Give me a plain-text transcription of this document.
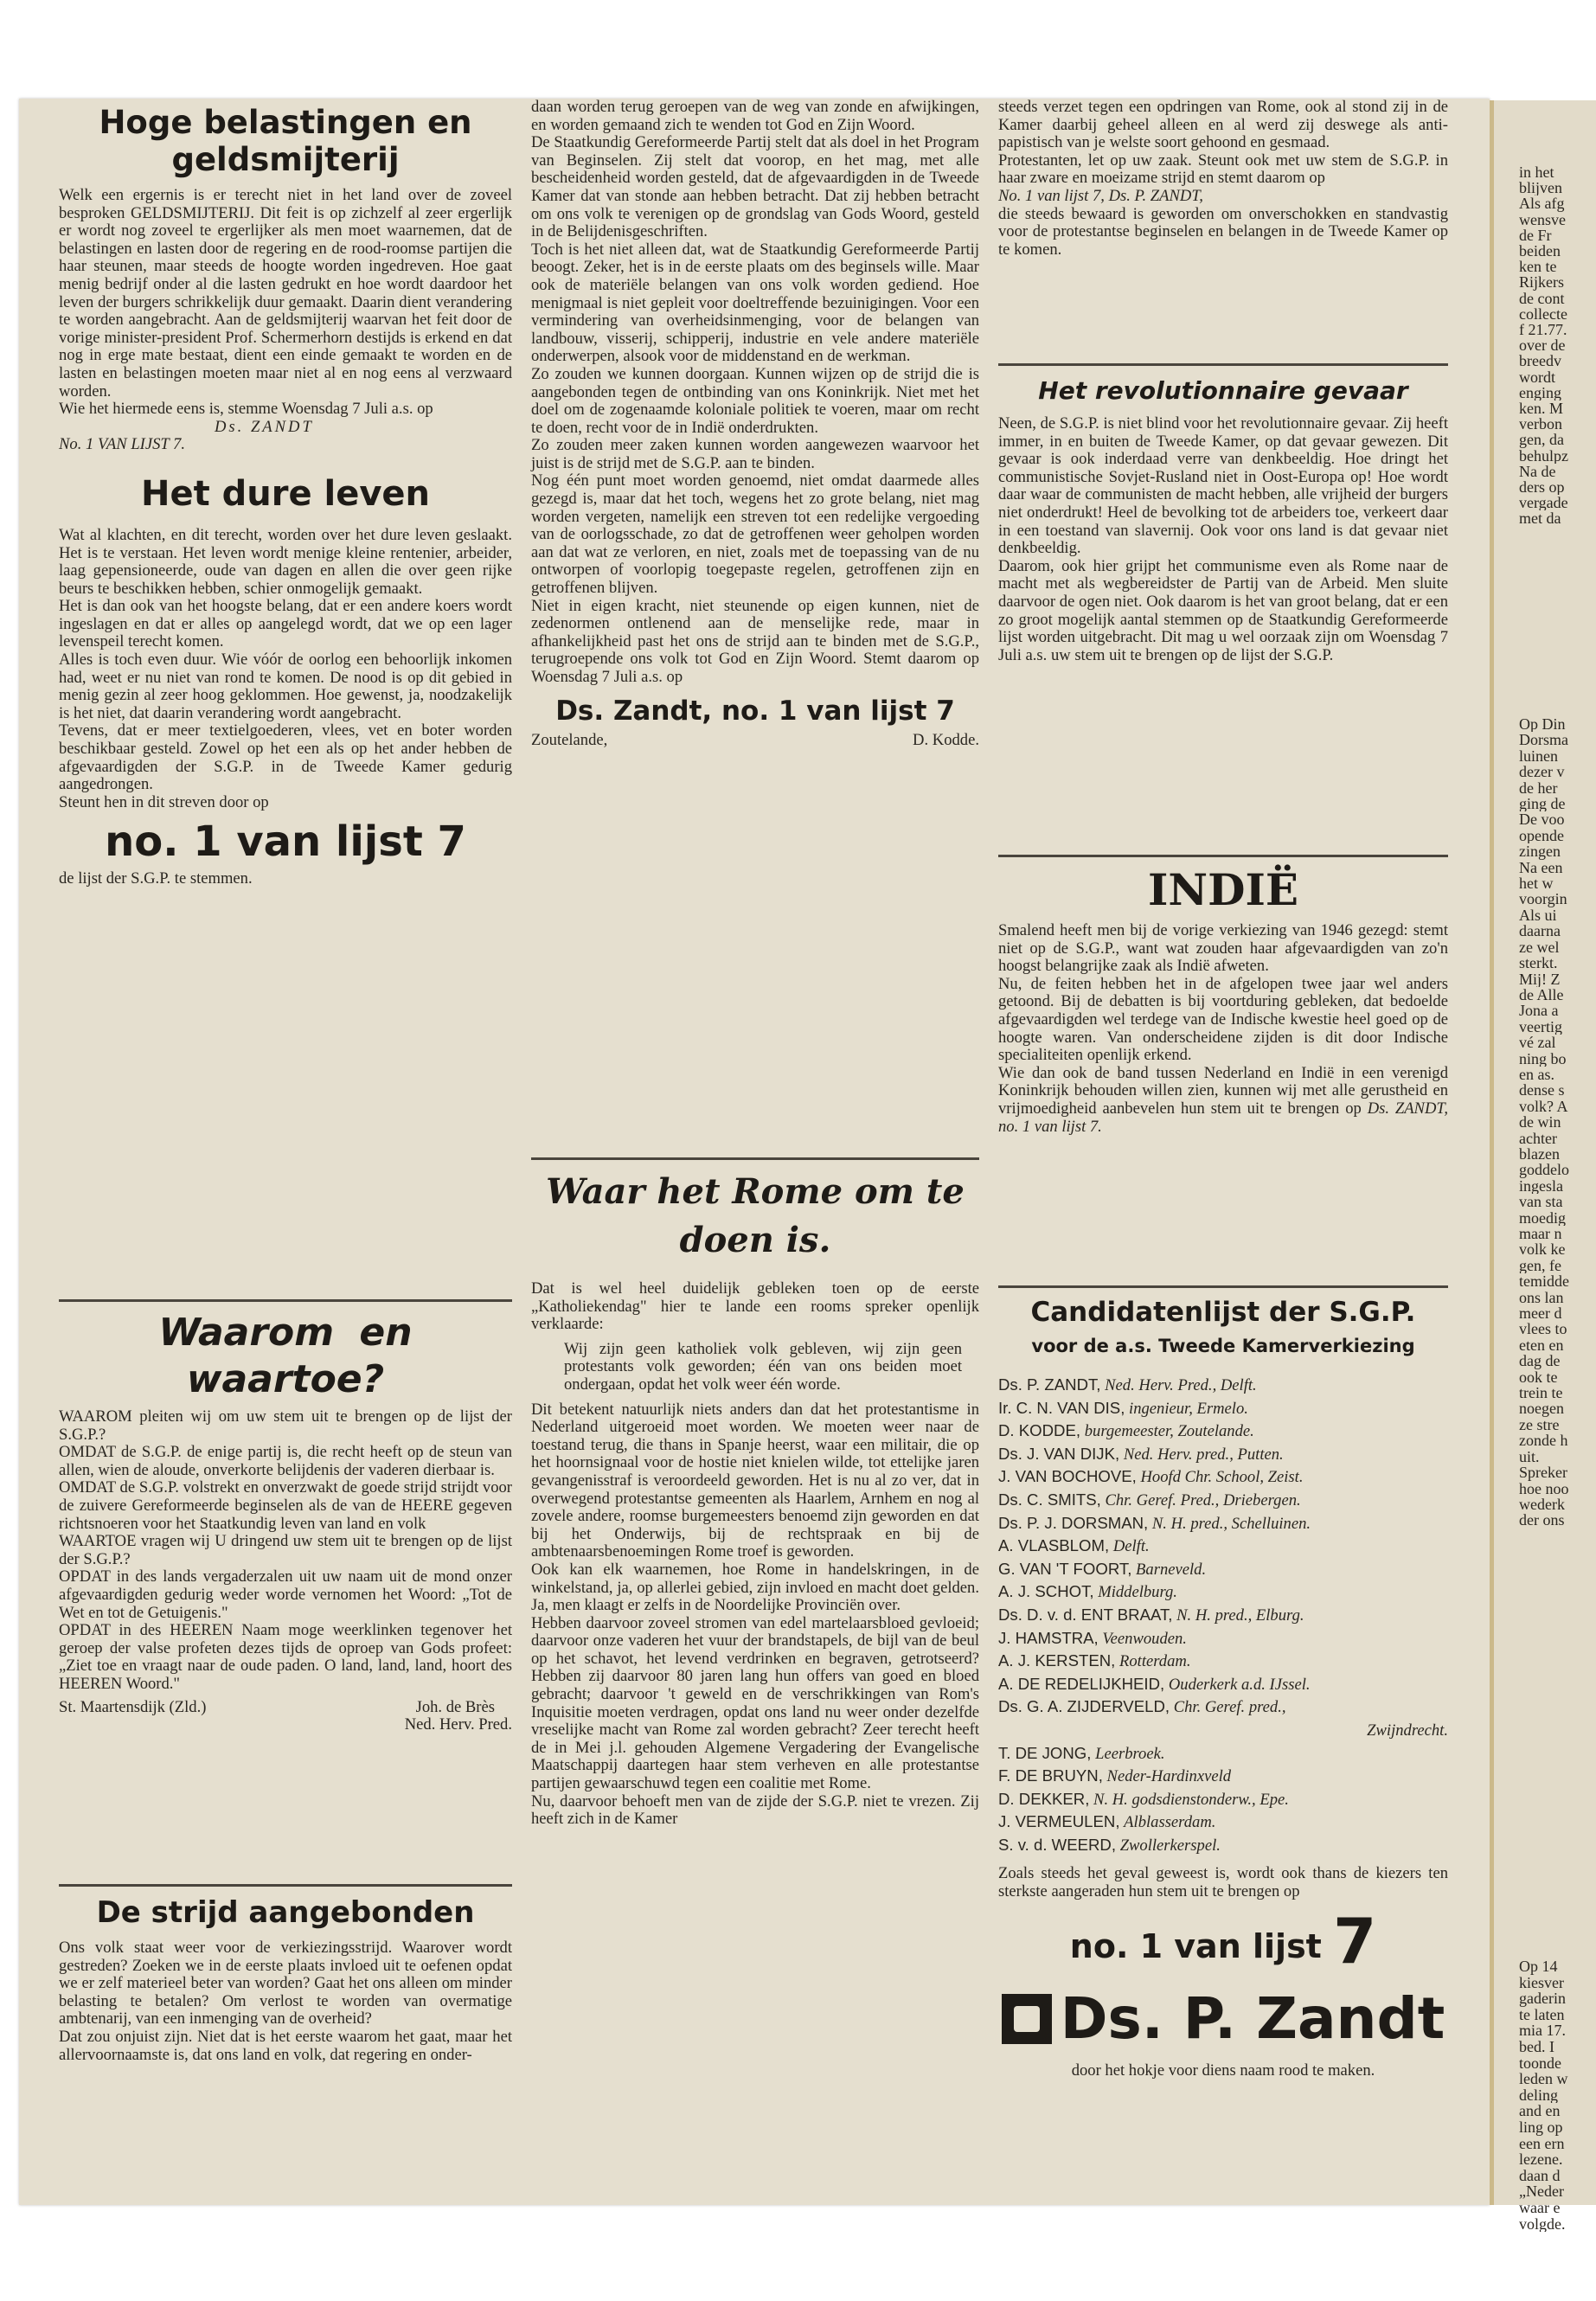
Hoge belastingen en
geldsmijterij

Welk een ergernis is er terecht niet in het land over de zoveel besproken GELDSMIJTERIJ. Dit feit is op zichzelf al zeer ergerlijk er wordt nog zoveel te ergerlijker als men moet waarnemen, dat de belastingen en lasten door de regering en de rood-roomse partijen die haar steunen, maar steeds de hoogte worden ingedreven. Hoe gaat menig bedrijf onder al die lasten gedrukt en hoe wordt daardoor het leven der burgers schrikkelijk duur gemaakt. Daarin dient verandering te worden aangebracht. Aan de geldsmijterij waarvan het feit door de vorige minister-president Prof. Schermerhorn destijds is erkend en dat nog in erge mate bestaat, dient een einde gemaakt te worden en de lasten en belastingen moeten maar niet al en nog eens al verzwaard worden.

Wie het hiermede eens is, stemme Woensdag 7 Juli a.s. op

Ds. ZANDT

No. 1 VAN LIJST 7.

Het dure leven

Wat al klachten, en dit terecht, worden over het dure leven geslaakt. Het is te verstaan. Het leven wordt menige kleine rentenier, arbeider, laag gepensioneerde, oude van dagen en allen die over geen rijke beurs te beschikken hebben, schier onmogelijk gemaakt.

Het is dan ook van het hoogste belang, dat er een andere koers wordt ingeslagen en dat er alles op aangelegd wordt, dat we op een lager levenspeil terecht komen.

Alles is toch even duur. Wie vóór de oorlog een behoorlijk inkomen had, weet er nu niet van rond te komen. De nood is op dit gebied in menig gezin al zeer hoog geklommen. Hoe gewenst, ja, noodzakelijk is het niet, dat daarin verandering wordt aangebracht.

Tevens, dat er meer textielgoederen, vlees, vet en boter worden beschikbaar gesteld. Zowel op het een als op het ander hebben de afgevaardigden der S.G.P. in de Tweede Kamer gedurig aangedrongen.

Steunt hen in dit streven door op

no. 1 van lijst 7

de lijst der S.G.P. te stemmen.

Waarom en waartoe?

WAAROM pleiten wij om uw stem uit te brengen op de lijst der S.G.P.?

OMDAT de S.G.P. de enige partij is, die recht heeft op de steun van allen, wien de aloude, onverkorte belijdenis der vaderen dierbaar is.

OMDAT de S.G.P. volstrekt en onverzwakt de goede strijd strijdt voor de zuivere Gereformeerde beginselen als de van de HEERE gegeven richtsnoeren voor het Staatkundig leven van land en volk

WAARTOE vragen wij U dringend uw stem uit te brengen op de lijst der S.G.P.?

OPDAT in des lands vergaderzalen uit uw naam uit de mond onzer afgevaardigden gedurig weder worde vernomen het Woord: „Tot de Wet en tot de Getuigenis."

OPDAT in des HEEREN Naam moge weerklinken tegenover het geroep der valse profeten dezes tijds de oproep van Gods profeet: „Ziet toe en vraagt naar de oude paden. O land, land, land, hoort des HEEREN Woord."

St. Maartensdijk (Zld.)	Joh. de Brès

Ned. Herv. Pred.

De strijd aangebonden

Ons volk staat weer voor de verkiezingsstrijd. Waarover wordt gestreden? Zoeken we in de eerste plaats invloed uit te oefenen opdat we er zelf materieel beter van worden? Gaat het ons alleen om minder belasting te betalen? Om verlost te worden van overmatige ambtenarij, van een inmenging van de overheid?

Dat zou onjuist zijn. Niet dat is het eerste waarom het gaat, maar het allervoornaamste is, dat ons land en volk, dat regering en onder-

daan worden terug geroepen van de weg van zonde en afwijkingen, en worden gemaand zich te wenden tot God en Zijn Woord.

De Staatkundig Gereformeerde Partij stelt dat als doel in het Program van Beginselen. Zij stelt dat voorop, en het mag, met alle bescheidenheid worden gesteld, dat de afgevaardigden in de Tweede Kamer dat van stonde aan hebben betracht. Dat zij hebben betracht om ons volk te verenigen op de grondslag van Gods Woord, gesteld in de Belijdenisgeschriften.

Toch is het niet alleen dat, wat de Staatkundig Gereformeerde Partij beoogt. Zeker, het is in de eerste plaats om des beginsels wille. Maar ook de materiële belangen van ons volk worden gediend. Hoe menigmaal is niet gepleit voor doeltreffende bezuinigingen. Voor een vermindering van overheidsinmenging, voor de belangen van landbouw, visserij, schipperij, industrie en vele andere materiële onderwerpen, alsook voor de middenstand en de werkman.

Zo zouden we kunnen doorgaan. Kunnen wijzen op de strijd die is aangebonden tegen de ontbinding van ons Koninkrijk. Niet met het doel om de zogenaamde koloniale politiek te voeren, maar om recht te doen, recht voor de in Indië onderdrukten.

Zo zouden meer zaken kunnen worden aangewezen waarvoor het juist is de strijd met de S.G.P. aan te binden.

Nog één punt moet worden genoemd, niet omdat daarmede alles gezegd is, maar dat het toch, wegens het zo grote belang, niet mag worden vergeten, namelijk een streven tot een redelijke vergoeding van de oorlogsschade, zo dat de getroffenen weer geholpen worden aan dat wat ze verloren, en niet, zoals met de toepassing van de nu ontworpen of voorlopig toegepaste regelen, getroffenen zijn en getroffenen blijven.

Niet in eigen kracht, niet steunende op eigen kunnen, niet de zedenormen ontlenend aan de menselijke rede, maar in afhankelijkheid past het ons de strijd aan te binden met de S.G.P., terugroepende ons volk tot God en Zijn Woord. Stemt daarom op Woensdag 7 Juli a.s. op

Ds. Zandt, no. 1 van lijst 7
Zoutelande,	D. Kodde.
Waar het Rome om te
doen is.

Dat is wel heel duidelijk gebleken toen op de eerste „Katholiekendag" hier te lande een rooms spreker openlijk verklaarde:

Wij zijn geen katholiek volk gebleven, wij zijn geen protestants volk geworden; één van ons beiden moet ondergaan, opdat het volk weer één worde.

Dit betekent natuurlijk niets anders dan dat het protestantisme in Nederland uitgeroeid moet worden. We moeten weer naar de toestand terug, die thans in Spanje heerst, waar een militair, die op het hoornsignaal voor de hostie niet knielen wilde, tot ettelijke jaren gevangenisstraf is veroordeeld geworden. Het is nu al zo ver, dat in overwegend protestantse gemeenten als Haarlem, Arnhem en nog al zovele andere, roomse burgemeesters benoemd zijn geworden en dat bij het Onderwijs, bij de rechtspraak en bij de ambtenaarsbenoemingen Rome troef is geworden.

Ook kan elk waarnemen, hoe Rome in handelskringen, in de winkelstand, ja, op allerlei gebied, zijn invloed en macht doet gelden. Ja, men klaagt er zelfs in de Noordelijke Provinciën over.

Hebben daarvoor zoveel stromen van edel martelaarsbloed gevloeid; daarvoor onze vaderen het vuur der brandstapels, de bijl van de beul op het schavot, het levend verdrinken en begraven, getrotseerd? Hebben zij daarvoor 80 jaren lang hun offers van goed en bloed gebracht; daarvoor 't geweld en de verschrikkingen van Rom's Inquisitie moeten verdragen, opdat ons land nu weer onder dezelfde vreselijke macht van Rome zal worden gebracht? Zeer terecht heeft de in Mei j.l. gehouden Algemene Vergadering der Evangelische Maatschappij daartegen haar stem verheven en alle protestantse partijen gewaarschuwd tegen een coalitie met Rome.

Nu, daarvoor behoeft men van de zijde der S.G.P. niet te vrezen. Zij heeft zich in de Kamer

steeds verzet tegen een opdringen van Rome, ook al stond zij in de Kamer daarbij geheel alleen en al werd zij deswege als anti-papistisch van je welste soort gehoond en gesmaad.

Protestanten, let op uw zaak. Steunt ook met uw stem de S.G.P. in haar zware en moeizame strijd en stemt daarom op

No. 1 van lijst 7, Ds. P. ZANDT,

die steeds bewaard is geworden om onverschokken en standvastig voor de protestantse beginselen en belangen in de Tweede Kamer op te komen.

Het revolutionnaire gevaar

Neen, de S.G.P. is niet blind voor het revolutionnaire gevaar. Zij heeft immer, in en buiten de Tweede Kamer, op dat gevaar gewezen. Dit gevaar is ook inderdaad verre van denkbeeldig. Hoe dringt het communistische Sovjet-Rusland niet in Oost-Europa op! Hoe wordt daar waar de communisten de macht hebben, alle vrijheid der burgers niet onderdrukt! Heel de bevolking tot de arbeiders toe, verkeert daar in een toestand van slavernij. Ook voor ons land is dat gevaar niet denkbeeldig.

Daarom, ook hier grijpt het communisme even als Rome naar de macht met als wegbereidster de Partij van de Arbeid. Men sluite daarvoor de ogen niet. Ook daarom is het van groot belang, dat er een zo groot mogelijk aantal stemmen op de Staatkundig Gereformeerde lijst worden uitgebracht. Dit mag u wel oorzaak zijn om Woensdag 7 Juli a.s. uw stem uit te brengen op de lijst der S.G.P.

INDIË

Smalend heeft men bij de vorige verkiezing van 1946 gezegd: stemt niet op de S.G.P., want wat zouden haar afgevaardigden van zo'n hoogst belangrijke zaak als Indië afweten.

Nu, de feiten hebben het in de afgelopen twee jaar wel anders getoond. Bij de debatten is bij voortduring gebleken, dat bedoelde afgevaardigden wel terdege van de Indische kwestie heel goed op de hoogte waren. Van onderscheidene zijden is dit door Indische specialiteiten openlijk erkend.

Wie dan ook de band tussen Nederland en Indië in een verenigd Koninkrijk behouden willen zien, kunnen wij met alle gerustheid en vrijmoedigheid aanbevelen hun stem uit te brengen op Ds. ZANDT, no. 1 van lijst 7.

Candidatenlijst der S.G.P.
voor de a.s. Tweede Kamerverkiezing
Ds. P. ZANDT, Ned. Herv. Pred., Delft.
Ir. C. N. VAN DIS, ingenieur, Ermelo.
D. KODDE, burgemeester, Zoutelande.
Ds. J. VAN DIJK, Ned. Herv. pred., Putten.
J. VAN BOCHOVE, Hoofd Chr. School, Zeist.
Ds. C. SMITS, Chr. Geref. Pred., Driebergen.
Ds. P. J. DORSMAN, N. H. pred., Schelluinen.
A. VLASBLOM, Delft.
G. VAN 'T FOORT, Barneveld.
A. J. SCHOT, Middelburg.
Ds. D. v. d. ENT BRAAT, N. H. pred., Elburg.
J. HAMSTRA, Veenwouden.
A. J. KERSTEN, Rotterdam.
A. DE REDELIJKHEID, Ouderkerk a.d. IJssel.
Ds. G. A. ZIJDERVELD, Chr. Geref. pred.,
Zwijndrecht.
T. DE JONG, Leerbroek.
F. DE BRUYN, Neder-Hardinxveld
D. DEKKER, N. H. godsdienstonderw., Epe.
J. VERMEULEN, Alblasserdam.
S. v. d. WEERD, Zwollerkerspel.

Zoals steeds het geval geweest is, wordt ook thans de kiezers ten sterkste aangeraden hun stem uit te brengen op

no. 1 van lijst 7
Ds. P. Zandt

door het hokje voor diens naam rood te maken.

in het
blijven
Als afg
wensve
de Fr
beiden
ken te
Rijkers
de cont
collecte
f 21.77.
over de
breedv
wordt
enging
ken. M
verbon
gen, da
behulpz
Na de
ders op
vergade
met da
Op Din
Dorsma
luinen
dezer v
de her
ging de
De voo
opende
zingen
Na een
het w
voorgin
Als ui
daarna
ze wel
sterkt.
Mij! Z
de Alle
Jona a
veertig
vé zal
ning bo
en as.
dense s
volk? A
de win
achter
blazen
goddelo
ingesla
van sta
moedig
maar n
volk ke
gen, fe
temidde
ons lan
meer d
vlees to
eten en
dag de
ook te
trein te
noegen
ze stre
zonde h
uit.
Spreker
hoe noo
wederk
der ons
Op 14
kiesver
gaderin
te laten
mia 17.
bed. I
toonde
leden w
deling
and en
ling op
een ern
lezene.
daan d
„Neder
waar e
volgde.
